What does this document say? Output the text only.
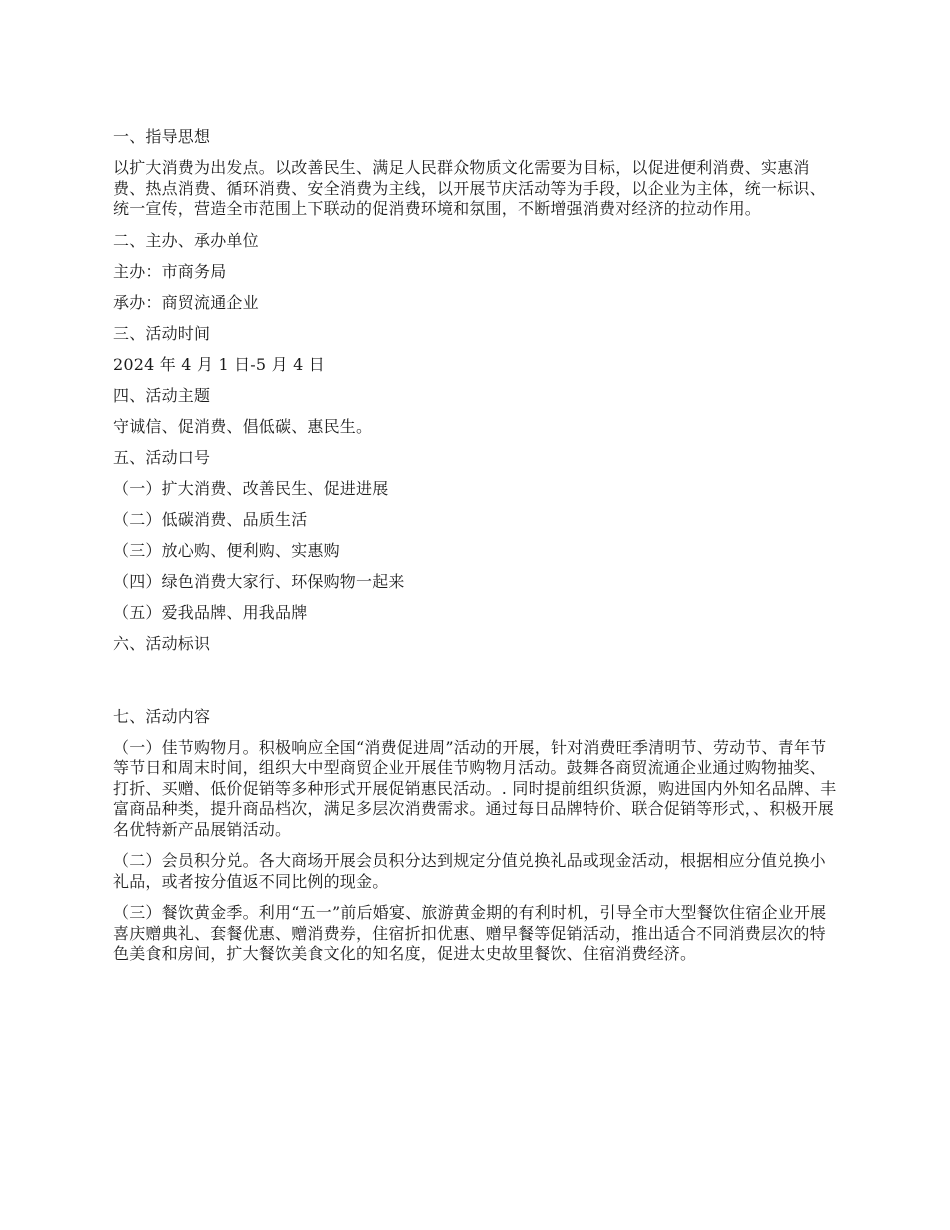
一、指导思想

以扩大消费为出发点。以改善民生、满足人民群众物质文化需要为目标，以促进便利消费、实惠消费、热点消费、循环消费、安全消费为主线，以开展节庆活动等为手段，以企业为主体，统一标识、统一宣传，营造全市范围上下联动的促消费环境和氛围，不断增强消费对经济的拉动作用。

二、主办、承办单位

主办：市商务局

承办：商贸流通企业

三、活动时间

2024 年 4 月 1 日-5 月 4 日

四、活动主题

守诚信、促消费、倡低碳、惠民生。

五、活动口号

（一）扩大消费、改善民生、促进进展

（二）低碳消费、品质生活

（三）放心购、便利购、实惠购

（四）绿色消费大家行、环保购物一起来

（五）爱我品牌、用我品牌

六、活动标识

七、活动内容

（一）佳节购物月。积极响应全国“消费促进周”活动的开展，针对消费旺季清明节、劳动节、青年节等节日和周末时间，组织大中型商贸企业开展佳节购物月活动。鼓舞各商贸流通企业通过购物抽奖、打折、买赠、低价促销等多种形式开展促销惠民活动。. 同时提前组织货源，购进国内外知名品牌、丰富商品种类，提升商品档次，满足多层次消费需求。通过每日品牌特价、联合促销等形式，、积极开展名优特新产品展销活动。

（二）会员积分兑。各大商场开展会员积分达到规定分值兑换礼品或现金活动，根据相应分值兑换小礼品，或者按分值返不同比例的现金。

（三）餐饮黄金季。利用“五一”前后婚宴、旅游黄金期的有利时机，引导全市大型餐饮住宿企业开展喜庆赠典礼、套餐优惠、赠消费券，住宿折扣优惠、赠早餐等促销活动，推出适合不同消费层次的特色美食和房间，扩大餐饮美食文化的知名度，促进太史故里餐饮、住宿消费经济。
